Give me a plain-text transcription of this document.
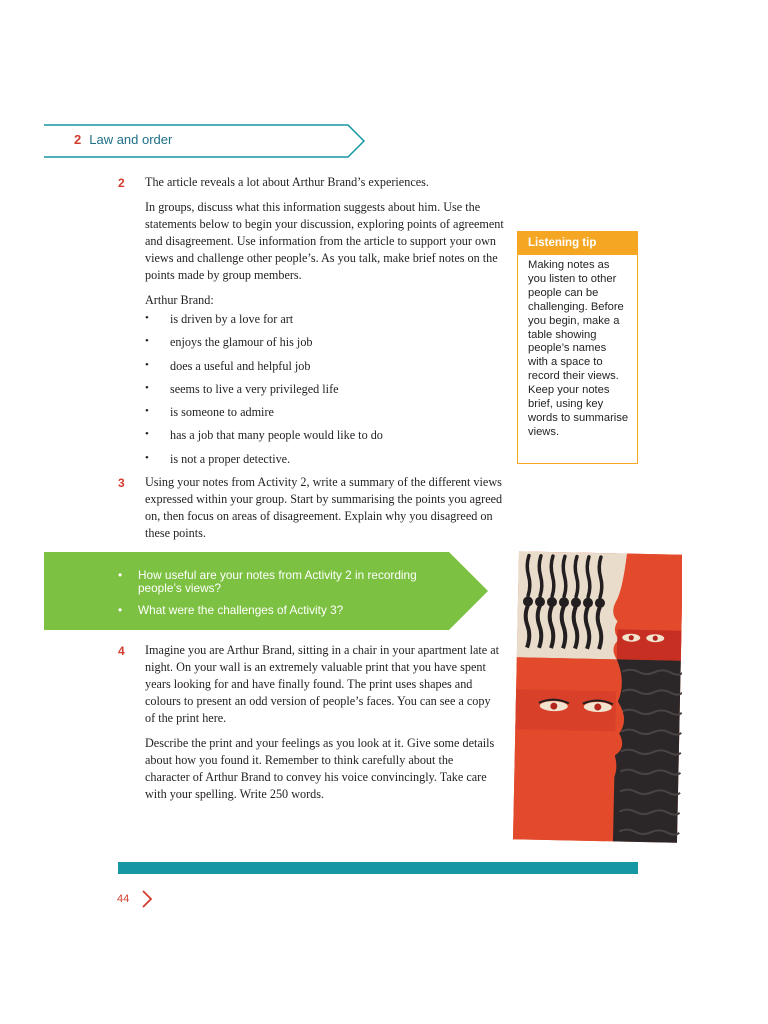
2 Law and order
2 The article reveals a lot about Arthur Brand’s experiences.
In groups, discuss what this information suggests about him. Use the statements below to begin your discussion, exploring points of agreement and disagreement. Use information from the article to support your own views and challenge other people’s. As you talk, make brief notes on the points made by group members.
Arthur Brand:
• is driven by a love for art
• enjoys the glamour of his job
• does a useful and helpful job
• seems to live a very privileged life
• is someone to admire
• has a job that many people would like to do
• is not a proper detective.
3 Using your notes from Activity 2, write a summary of the different views expressed within your group. Start by summarising the points you agreed on, then focus on areas of disagreement. Explain why you disagreed on these points.
Listening tip
Making notes as you listen to other people can be challenging. Before you begin, make a table showing people’s names with a space to record their views. Keep your notes brief, using key words to summarise views.
• How useful are your notes from Activity 2 in recording people’s views?
• What were the challenges of Activity 3?
4 Imagine you are Arthur Brand, sitting in a chair in your apartment late at night. On your wall is an extremely valuable print that you have spent years looking for and have finally found. The print uses shapes and colours to present an odd version of people’s faces. You can see a copy of the print here.
Describe the print and your feelings as you look at it. Give some details about how you found it. Remember to think carefully about the character of Arthur Brand to convey his voice convincingly. Take care with your spelling. Write 250 words.
44
